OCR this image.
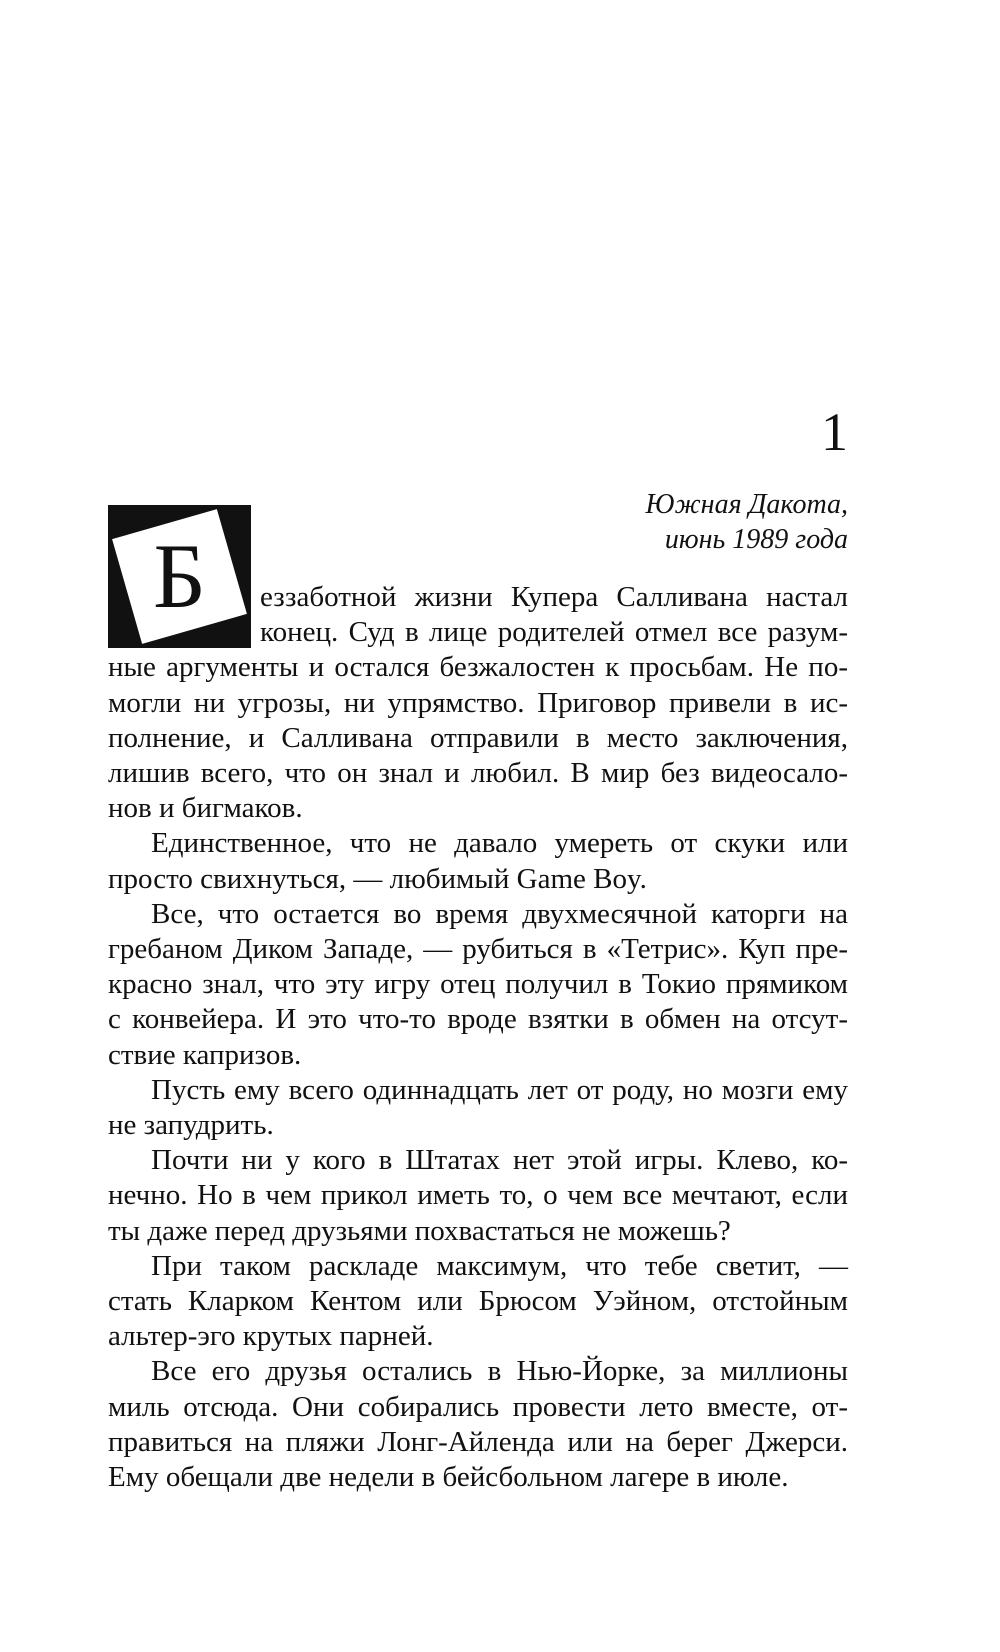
1
Южная Дакота,
июнь 1989 года
Б	еззаботной жизни Купера Салливана настал
конец. Суд в лице родителей отмел все разум-
ные аргументы и остался безжалостен к просьбам. Не по-
могли ни угрозы, ни упрямство. Приговор привели в ис-
полнение, и Салливана отправили в место заключения,
лишив всего, что он знал и любил. В мир без видеосало-
нов и бигмаков.
Единственное, что не давало умереть от скуки или
просто свихнуться, — любимый Game Boy.
Все, что остается во время двухмесячной каторги на
гребаном Диком Западе, — рубиться в «Тетрис». Куп пре-
красно знал, что эту игру отец получил в Токио прямиком
с конвейера. И это что-то вроде взятки в обмен на отсут-
ствие капризов.
Пусть ему всего одиннадцать лет от роду, но мозги ему
не запудрить.
Почти ни у кого в Штатах нет этой игры. Клево, ко-
нечно. Но в чем прикол иметь то, о чем все мечтают, если
ты даже перед друзьями похвастаться не можешь?
При таком раскладе максимум, что тебе светит, —
стать Кларком Кентом или Брюсом Уэйном, отстойным
альтер-эго крутых парней.
Все его друзья остались в Нью-Йорке, за миллионы
миль отсюда. Они собирались провести лето вместе, от-
правиться на пляжи Лонг-Айленда или на берег Джерси.
Ему обещали две недели в бейсбольном лагере в июле.
